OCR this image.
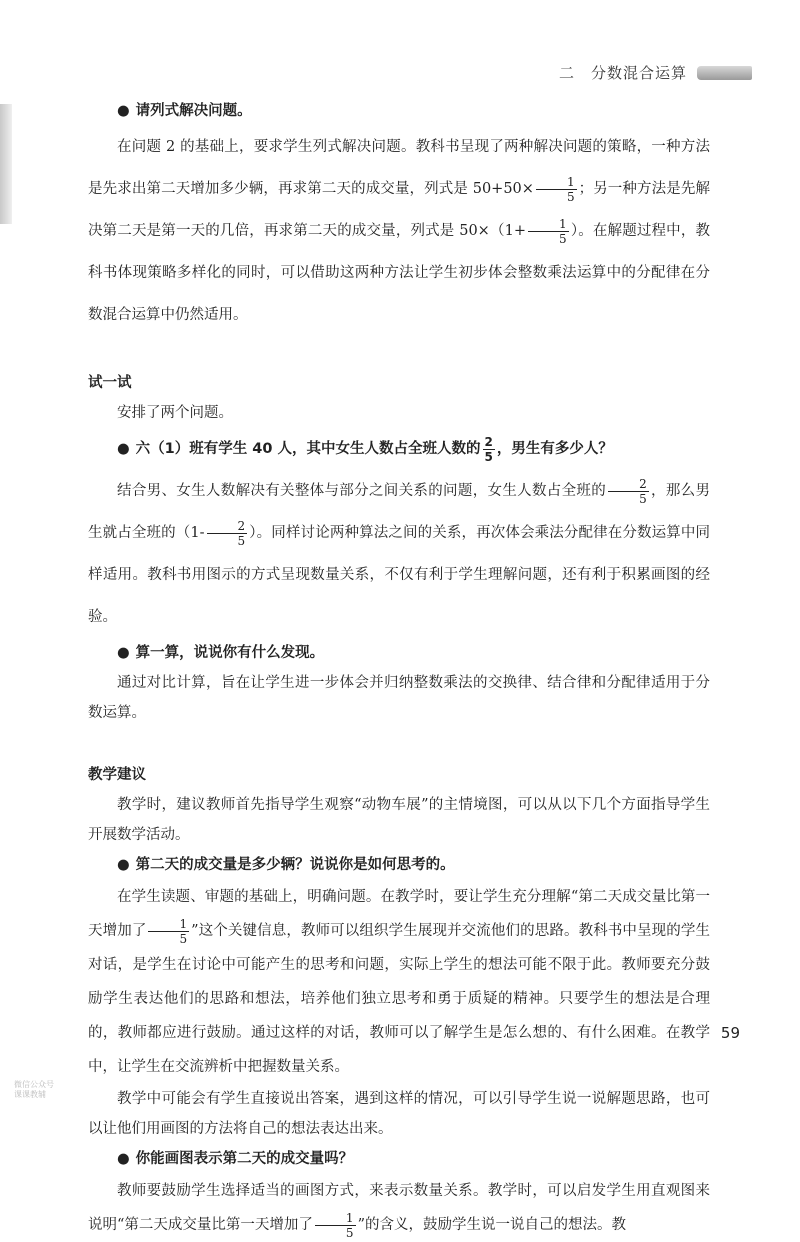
二　分数混合运算

● 请列式解决问题。

在问题 2 的基础上，要求学生列式解决问题。教科书呈现了两种解决问题的策略，一种方法是先求出第二天增加多少辆，再求第二天的成交量，列式是 $50+50\times \frac{1}{5}$ ；另一种方法是先解决第二天是第一天的几倍，再求第二天的成交量，列式是 $50\times(1+ \frac{1}{5}$ ）。在解题过程中，教科书体现策略多样化的同时，可以借助这两种方法让学生初步体会整数乘法运算中的分配律在分数混合运算中仍然适用。

试一试

安排了两个问题。

● 六（1）班有学生 40 人，其中女生人数占全班人数的 $\frac{2}{5}$ ，男生有多少人？

结合男、女生人数解决有关整体与部分之间关系的问题，女生人数占全班的 $\frac{2}{5}$ ，那么男生就占全班的（$1- \frac{2}{5}$ ）。同样讨论两种算法之间的关系，再次体会乘法分配律在分数运算中同样适用。教科书用图示的方式呈现数量关系，不仅有利于学生理解问题，还有利于积累画图的经验。

● 算一算，说说你有什么发现。

通过对比计算，旨在让学生进一步体会并归纳整数乘法的交换律、结合律和分配律适用于分数运算。

教学建议

教学时，建议教师首先指导学生观察“动物车展”的主情境图，可以从以下几个方面指导学生开展数学活动。

● 第二天的成交量是多少辆？说说你是如何思考的。

在学生读题、审题的基础上，明确问题。在教学时，要让学生充分理解“第二天成交量比第一天增加了 $\frac{1}{5}$ ”这个关键信息，教师可以组织学生展现并交流他们的思路。教科书中呈现的学生对话，是学生在讨论中可能产生的思考和问题，实际上学生的想法可能不限于此。教师要充分鼓励学生表达他们的思路和想法，培养他们独立思考和勇于质疑的精神。只要学生的想法是合理的，教师都应进行鼓励。通过这样的对话，教师可以了解学生是怎么想的、有什么困难。在教学中，让学生在交流辨析中把握数量关系。

教学中可能会有学生直接说出答案，遇到这样的情况，可以引导学生说一说解题思路，也可以让他们用画图的方法将自己的想法表达出来。

● 你能画图表示第二天的成交量吗？

教师要鼓励学生选择适当的画图方式，来表示数量关系。教学时，可以启发学生用直观图来说明“第二天成交量比第一天增加了 $\frac{1}{5}$ ”的含义，鼓励学生说一说自己的想法。教

59
微信公众号
课课教辅
